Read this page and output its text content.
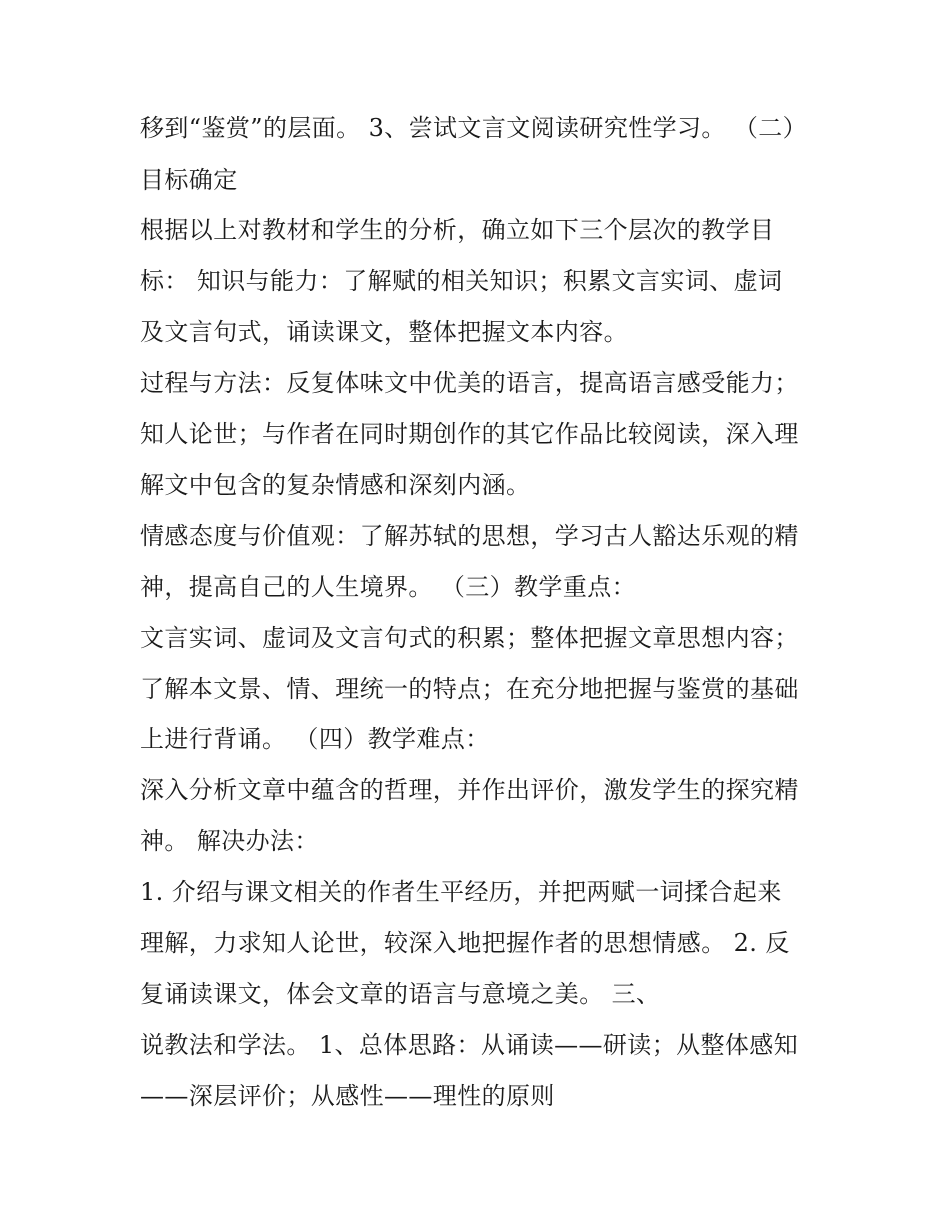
移到“鉴赏”的层面。 3、尝试文言文阅读研究性学习。 （二）
目标确定
根据以上对教材和学生的分析，确立如下三个层次的教学目
标： 知识与能力：了解赋的相关知识；积累文言实词、虚词
及文言句式，诵读课文，整体把握文本内容。
过程与方法：反复体味文中优美的语言，提高语言感受能力；
知人论世；与作者在同时期创作的其它作品比较阅读，深入理
解文中包含的复杂情感和深刻内涵。
情感态度与价值观：了解苏轼的思想，学习古人豁达乐观的精
神，提高自己的人生境界。 （三）教学重点：
文言实词、虚词及文言句式的积累；整体把握文章思想内容；
了解本文景、情、理统一的特点；在充分地把握与鉴赏的基础
上进行背诵。 （四）教学难点：
深入分析文章中蕴含的哲理，并作出评价，激发学生的探究精
神。 解决办法：
1. 介绍与课文相关的作者生平经历，并把两赋一词揉合起来
理解，力求知人论世，较深入地把握作者的思想情感。 2. 反
复诵读课文，体会文章的语言与意境之美。 三、
说教法和学法。 1、总体思路：从诵读——研读；从整体感知
——深层评价；从感性——理性的原则
